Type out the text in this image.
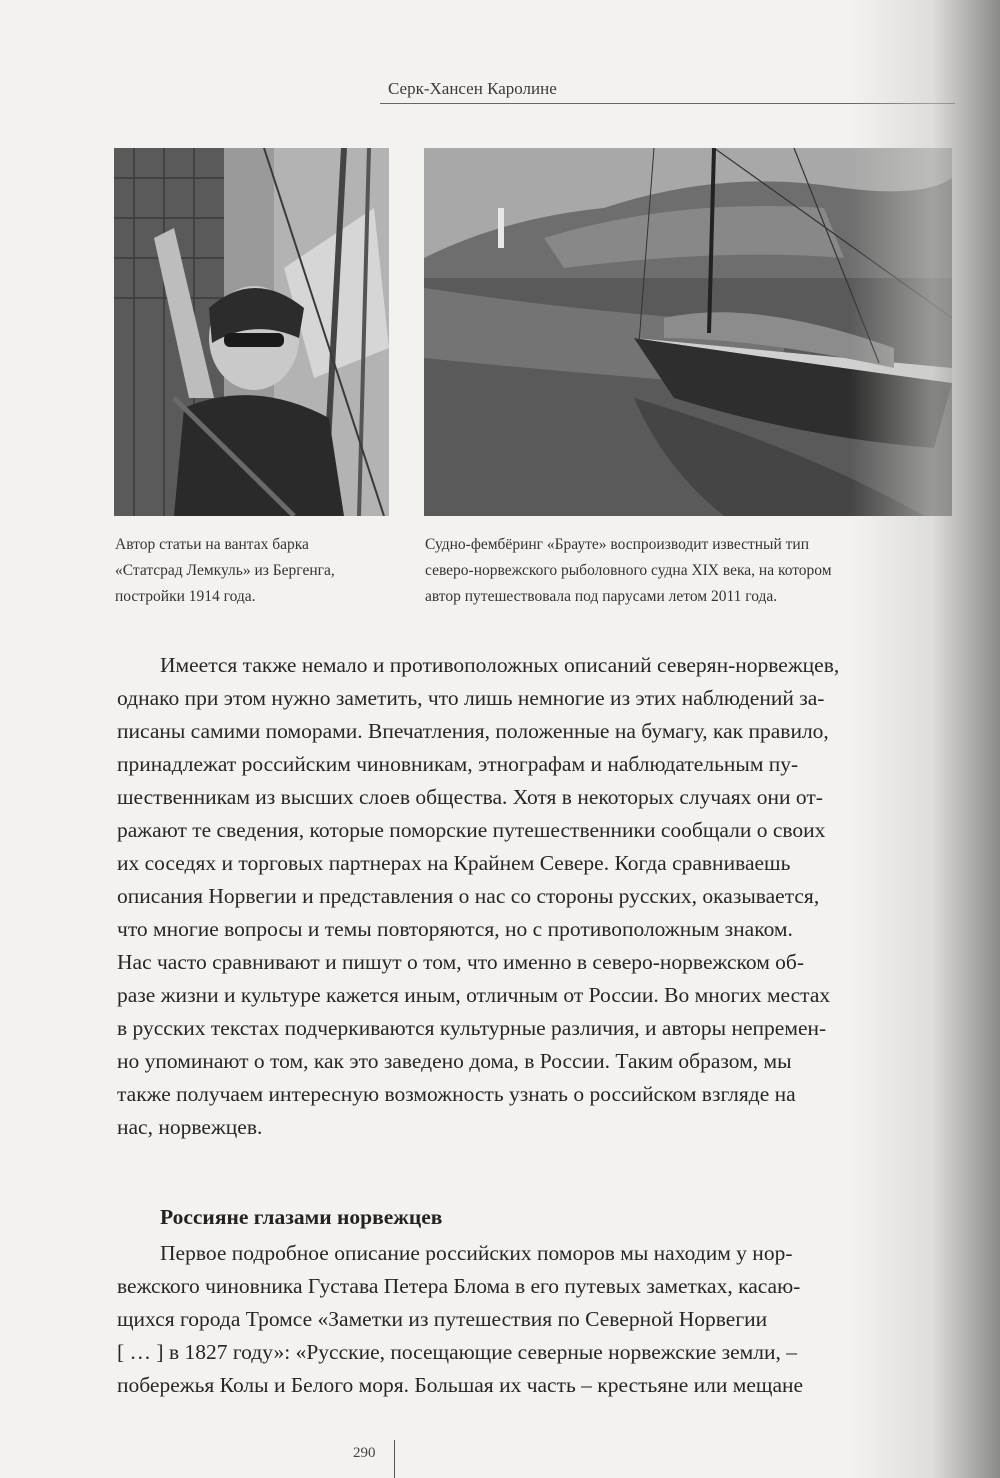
Серк-Хансен Каролине
Автор статьи на вантах барка
«Статсрад Лемкуль» из Бергенга,
постройки 1914 года.
Судно-фембёринг «Браутe» воспроизводит известный тип
северо-норвежского рыболовного судна XIX века, на котором
автор путешествовала под парусами летом 2011 года.
Имеется также немало и противоположных описаний северян-норвежцев,
однако при этом нужно заметить, что лишь немногие из этих наблюдений за-
писаны самими поморами. Впечатления, положенные на бумагу, как правило,
принадлежат российским чиновникам, этнографам и наблюдательным пу-
шественникам из высших слоев общества. Хотя в некоторых случаях они от-
ражают те сведения, которые поморские путешественники сообщали о своих
их соседях и торговых партнерах на Крайнем Севере. Когда сравниваешь
описания Норвегии и представления о нас со стороны русских, оказывается,
что многие вопросы и темы повторяются, но с противоположным знаком.
Нас часто сравнивают и пишут о том, что именно в северо-норвежском об-
разе жизни и культуре кажется иным, отличным от России. Во многих местах
в русских текстах подчеркиваются культурные различия, и авторы непремен-
но упоминают о том, как это заведено дома, в России. Таким образом, мы
также получаем интересную возможность узнать о российском взгляде на
нас, норвежцев.
Россияне глазами норвежцев
Первое подробное описание российских поморов мы находим у нор-
вежского чиновника Густава Петера Блома в его путевых заметках, касаю-
щихся города Тромсе «Заметки из путешествия по Северной Норвегии
[ … ] в 1827 году»: «Русские, посещающие северные норвежские земли, –
побережья Колы и Белого моря. Большая их часть – крестьяне или мещане
290
